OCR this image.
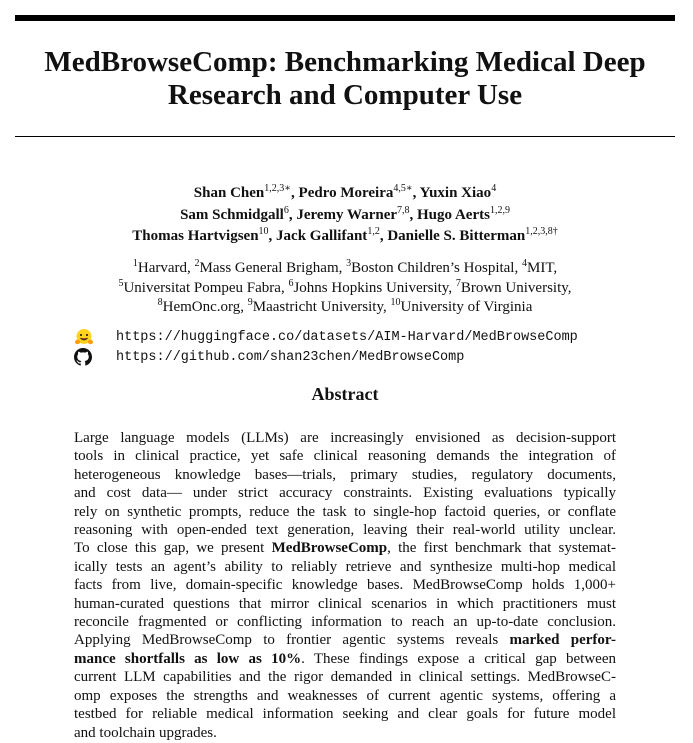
MedBrowseComp: Benchmarking Medical Deep
Research and Computer Use
Shan Chen$^{1,2,3∗}$, Pedro Moreira$^{4,5∗}$, Yuxin Xiao$^4$
Sam Schmidgall$^6$, Jeremy Warner$^{7,8}$, Hugo Aerts$^{1,2,9}$
Thomas Hartvigsen$^{10}$, Jack Gallifant$^{1,2}$, Danielle S. Bitterman$^{1,2,3,8\dagger}$
$^1$Harvard, $^2$Mass General Brigham, $^3$Boston Children’s Hospital, $^4$MIT,
$^5$Universitat Pompeu Fabra, $^6$Johns Hopkins University, $^7$Brown University,
$^8$HemOnc.org, $^9$Maastricht University, $^{10}$University of Virginia
https://huggingface.co/datasets/AIM-Harvard/MedBrowseComp
https://github.com/shan23chen/MedBrowseComp
Abstract
Large language models (LLMs) are increasingly envisioned as decision-support
tools in clinical practice, yet safe clinical reasoning demands the integration of
heterogeneous knowledge bases—trials, primary studies, regulatory documents,
and cost data— under strict accuracy constraints. Existing evaluations typically
rely on synthetic prompts, reduce the task to single-hop factoid queries, or conflate
reasoning with open-ended text generation, leaving their real-world utility unclear.
To close this gap, we present MedBrowseComp, the first benchmark that systemat-
ically tests an agent’s ability to reliably retrieve and synthesize multi-hop medical
facts from live, domain-specific knowledge bases. MedBrowseComp holds 1,000+
human-curated questions that mirror clinical scenarios in which practitioners must
reconcile fragmented or conflicting information to reach an up-to-date conclusion.
Applying MedBrowseComp to frontier agentic systems reveals marked perfor-
mance shortfalls as low as 10%. These findings expose a critical gap between
current LLM capabilities and the rigor demanded in clinical settings. MedBrowseC-
omp exposes the strengths and weaknesses of current agentic systems, offering a
testbed for reliable medical information seeking and clear goals for future model
and toolchain upgrades.
